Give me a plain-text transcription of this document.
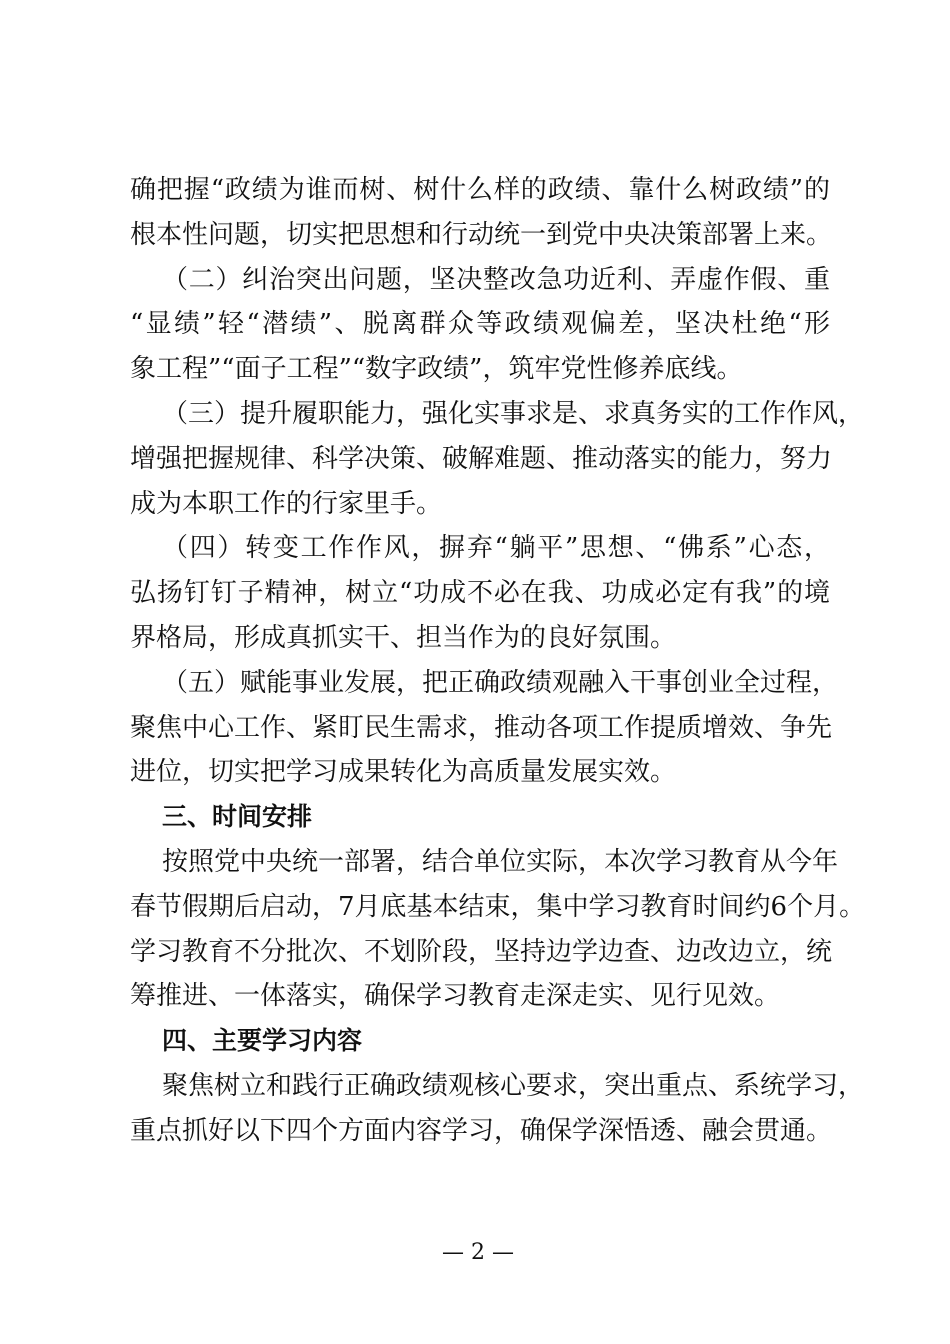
确把握“政绩为谁而树、树什么样的政绩、靠什么树政绩”的
根本性问题，切实把思想和行动统一到党中央决策部署上来。
（二）纠治突出问题，坚决整改急功近利、弄虚作假、重
“显绩”轻“潜绩”、脱离群众等政绩观偏差，坚决杜绝“形
象工程”“面子工程”“数字政绩”，筑牢党性修养底线。
（三）提升履职能力，强化实事求是、求真务实的工作作风，
增强把握规律、科学决策、破解难题、推动落实的能力，努力
成为本职工作的行家里手。
（四）转变工作作风，摒弃“躺平”思想、“佛系”心态，
弘扬钉钉子精神，树立“功成不必在我、功成必定有我”的境
界格局，形成真抓实干、担当作为的良好氛围。
（五）赋能事业发展，把正确政绩观融入干事创业全过程，
聚焦中心工作、紧盯民生需求，推动各项工作提质增效、争先
进位，切实把学习成果转化为高质量发展实效。
三、时间安排
按照党中央统一部署，结合单位实际，本次学习教育从今年
春节假期后启动，7月底基本结束，集中学习教育时间约6个月。
学习教育不分批次、不划阶段，坚持边学边查、边改边立，统
筹推进、一体落实，确保学习教育走深走实、见行见效。
四、主要学习内容
聚焦树立和践行正确政绩观核心要求，突出重点、系统学习，
重点抓好以下四个方面内容学习，确保学深悟透、融会贯通。
— 2 —
